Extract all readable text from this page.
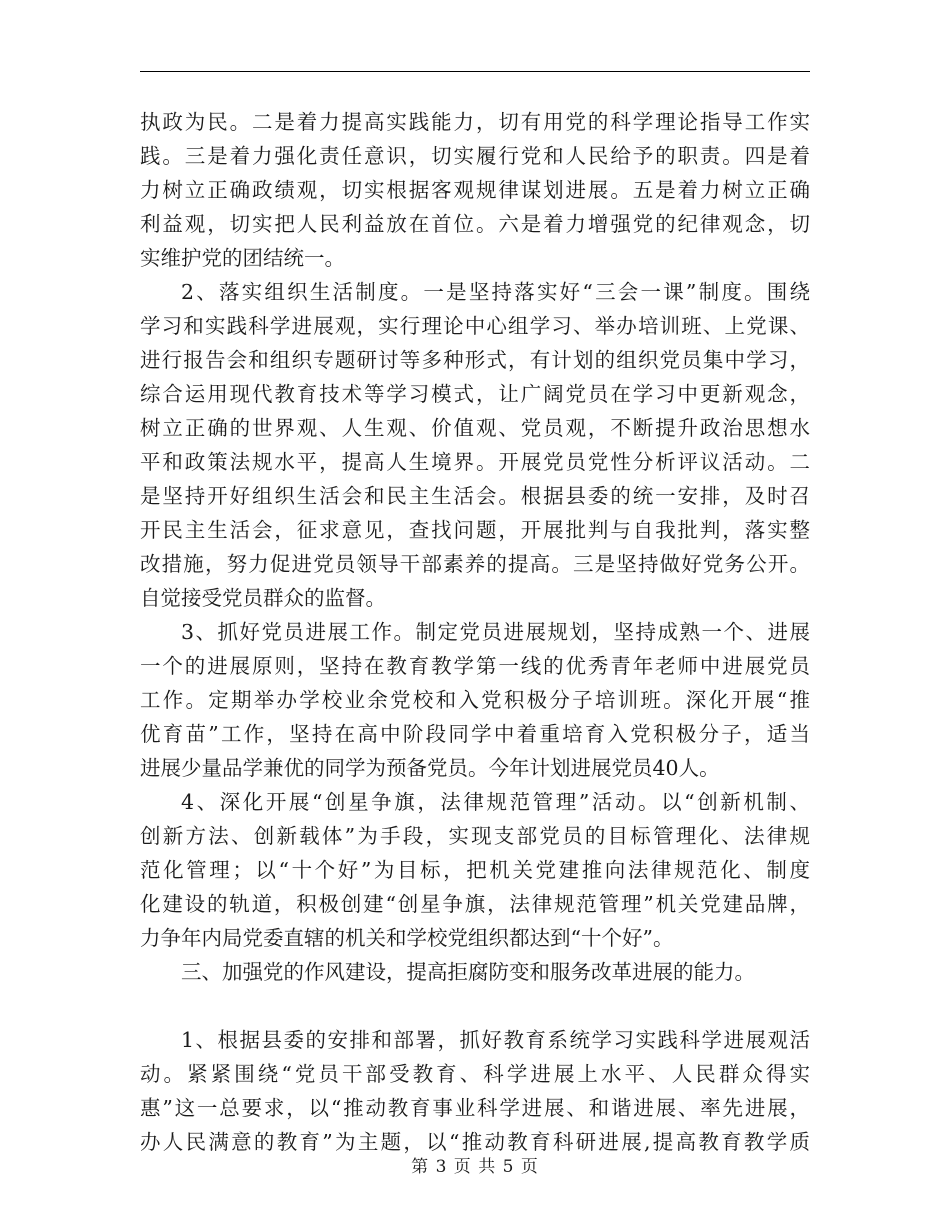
执政为民。二是着力提高实践能力，切有用党的科学理论指导工作实
践。三是着力强化责任意识，切实履行党和人民给予的职责。四是着
力树立正确政绩观，切实根据客观规律谋划进展。五是着力树立正确
利益观，切实把人民利益放在首位。六是着力增强党的纪律观念，切
实维护党的团结统一。
2、落实组织生活制度。一是坚持落实好“三会一课”制度。围绕
学习和实践科学进展观，实行理论中心组学习、举办培训班、上党课、
进行报告会和组织专题研讨等多种形式，有计划的组织党员集中学习，
综合运用现代教育技术等学习模式，让广阔党员在学习中更新观念，
树立正确的世界观、人生观、价值观、党员观，不断提升政治思想水
平和政策法规水平，提高人生境界。开展党员党性分析评议活动。二
是坚持开好组织生活会和民主生活会。根据县委的统一安排，及时召
开民主生活会，征求意见，查找问题，开展批判与自我批判，落实整
改措施，努力促进党员领导干部素养的提高。三是坚持做好党务公开。
自觉接受党员群众的监督。
3、抓好党员进展工作。制定党员进展规划，坚持成熟一个、进展
一个的进展原则，坚持在教育教学第一线的优秀青年老师中进展党员
工作。定期举办学校业余党校和入党积极分子培训班。深化开展“推
优育苗”工作，坚持在高中阶段同学中着重培育入党积极分子，适当
进展少量品学兼优的同学为预备党员。今年计划进展党员40人。
4、深化开展“创星争旗，法律规范管理”活动。以“创新机制、
创新方法、创新载体”为手段，实现支部党员的目标管理化、法律规
范化管理；以“十个好”为目标，把机关党建推向法律规范化、制度
化建设的轨道，积极创建“创星争旗，法律规范管理”机关党建品牌，
力争年内局党委直辖的机关和学校党组织都达到“十个好”。
三、加强党的作风建设，提高拒腐防变和服务改革进展的能力。
1、根据县委的安排和部署，抓好教育系统学习实践科学进展观活
动。紧紧围绕“党员干部受教育、科学进展上水平、人民群众得实
惠”这一总要求，以“推动教育事业科学进展、和谐进展、率先进展，
办人民满意的教育”为主题，以“推动教育科研进展,提高教育教学质
第 3 页 共 5 页
